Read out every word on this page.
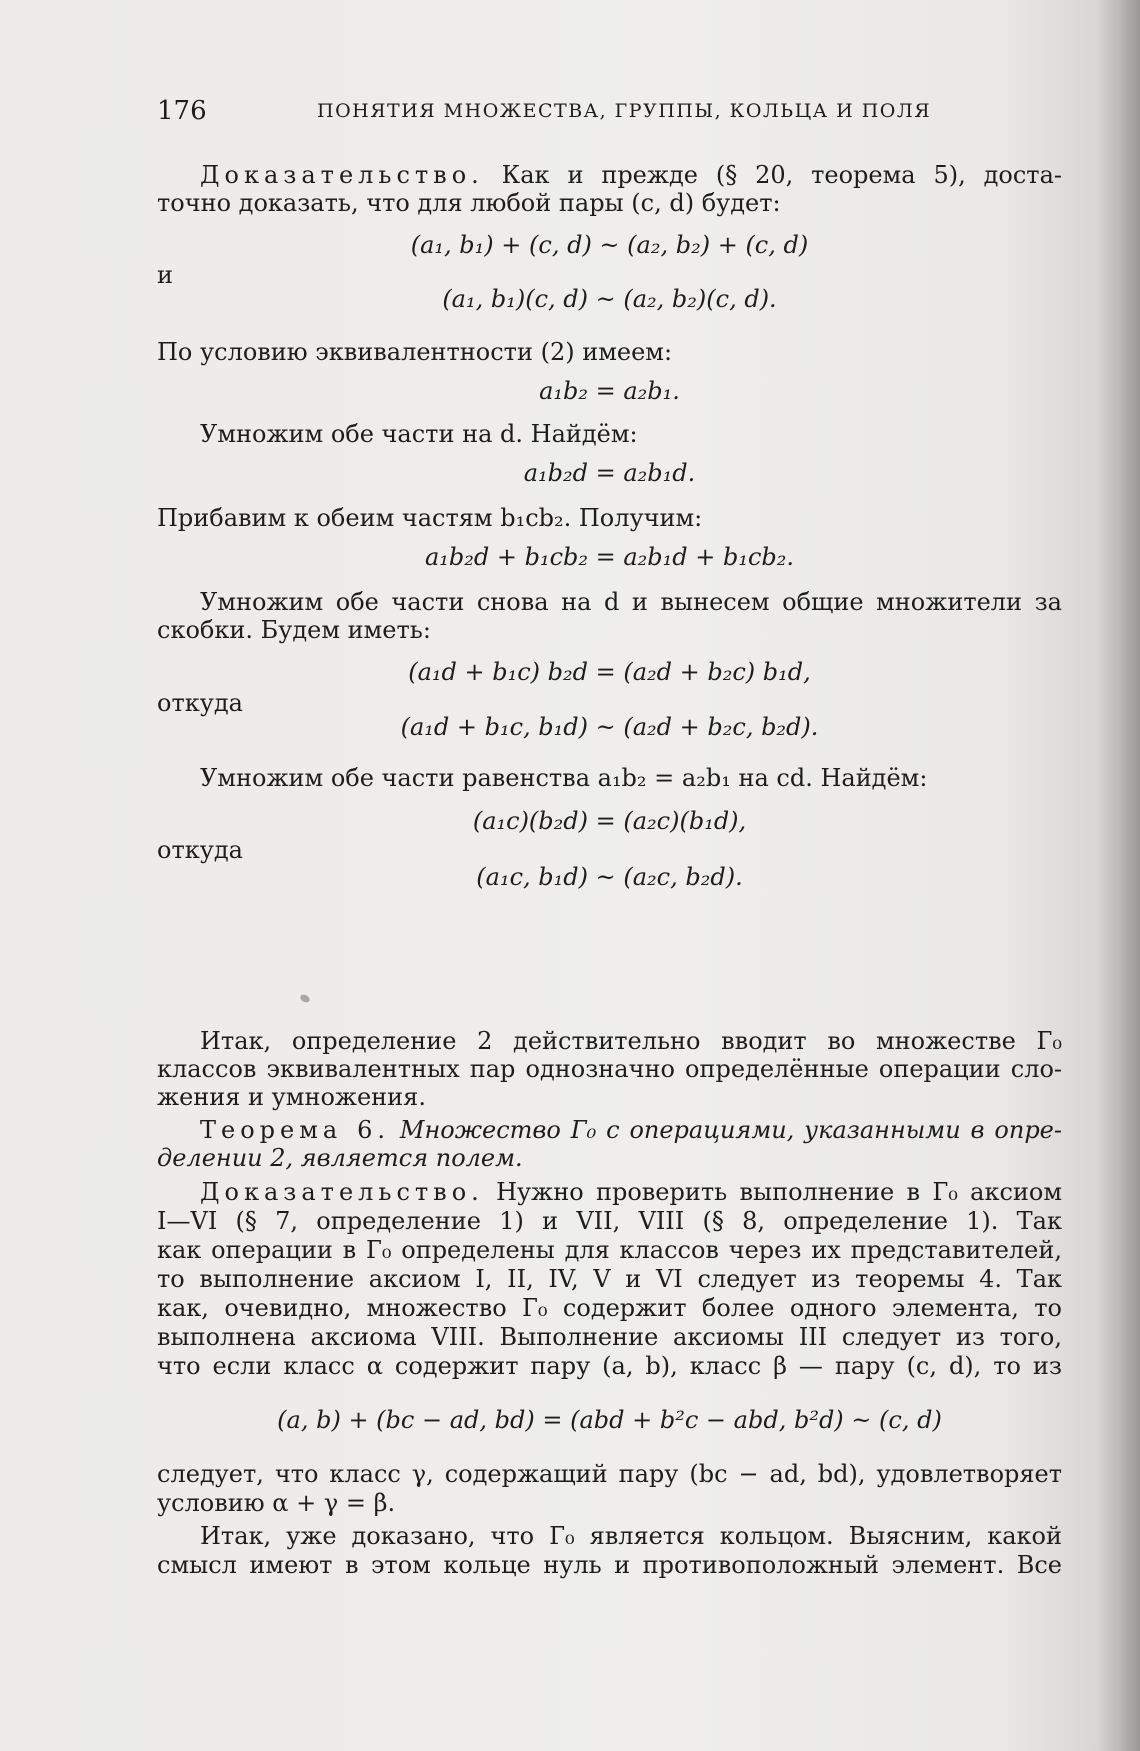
176	ПОНЯТИЯ МНОЖЕСТВА, ГРУППЫ, КОЛЬЦА И ПОЛЯ
Доказательство. Как и прежде (§ 20, теорема 5), доста-
точно доказать, что для любой пары (c, d) будет:
(a₁, b₁) + (c, d) ~ (a₂, b₂) + (c, d)
и
(a₁, b₁)(c, d) ~ (a₂, b₂)(c, d).
По условию эквивалентности (2) имеем:
a₁b₂ = a₂b₁.
Умножим обе части на d. Найдём:
a₁b₂d = a₂b₁d.
Прибавим к обеим частям b₁cb₂. Получим:
a₁b₂d + b₁cb₂ = a₂b₁d + b₁cb₂.
Умножим обе части снова на d и вынесем общие множители за
скобки. Будем иметь:
(a₁d + b₁c) b₂d = (a₂d + b₂c) b₁d,
откуда
(a₁d + b₁c, b₁d) ~ (a₂d + b₂c, b₂d).
Умножим обе части равенства a₁b₂ = a₂b₁ на cd. Найдём:
(a₁c)(b₂d) = (a₂c)(b₁d),
откуда
(a₁c, b₁d) ~ (a₂c, b₂d).
Итак, определение 2 действительно вводит во множестве Г₀
классов эквивалентных пар однозначно определённые операции сло-
жения и умножения.
Теорема 6. Множество Г₀ с операциями, указанными в опре-
делении 2, является полем.
Доказательство. Нужно проверить выполнение в Г₀ аксиом
I—VI (§ 7, определение 1) и VII, VIII (§ 8, определение 1). Так
как операции в Г₀ определены для классов через их представителей,
то выполнение аксиом I, II, IV, V и VI следует из теоремы 4. Так
как, очевидно, множество Г₀ содержит более одного элемента, то
выполнена аксиома VIII. Выполнение аксиомы III следует из того,
что если класс α содержит пару (a, b), класс β — пару (c, d), то из
(a, b) + (bc − ad, bd) = (abd + b²c − abd, b²d) ~ (c, d)
следует, что класс γ, содержащий пару (bc − ad, bd), удовлетворяет
условию α + γ = β.
Итак, уже доказано, что Г₀ является кольцом. Выясним, какой
смысл имеют в этом кольце нуль и противоположный элемент. Все
